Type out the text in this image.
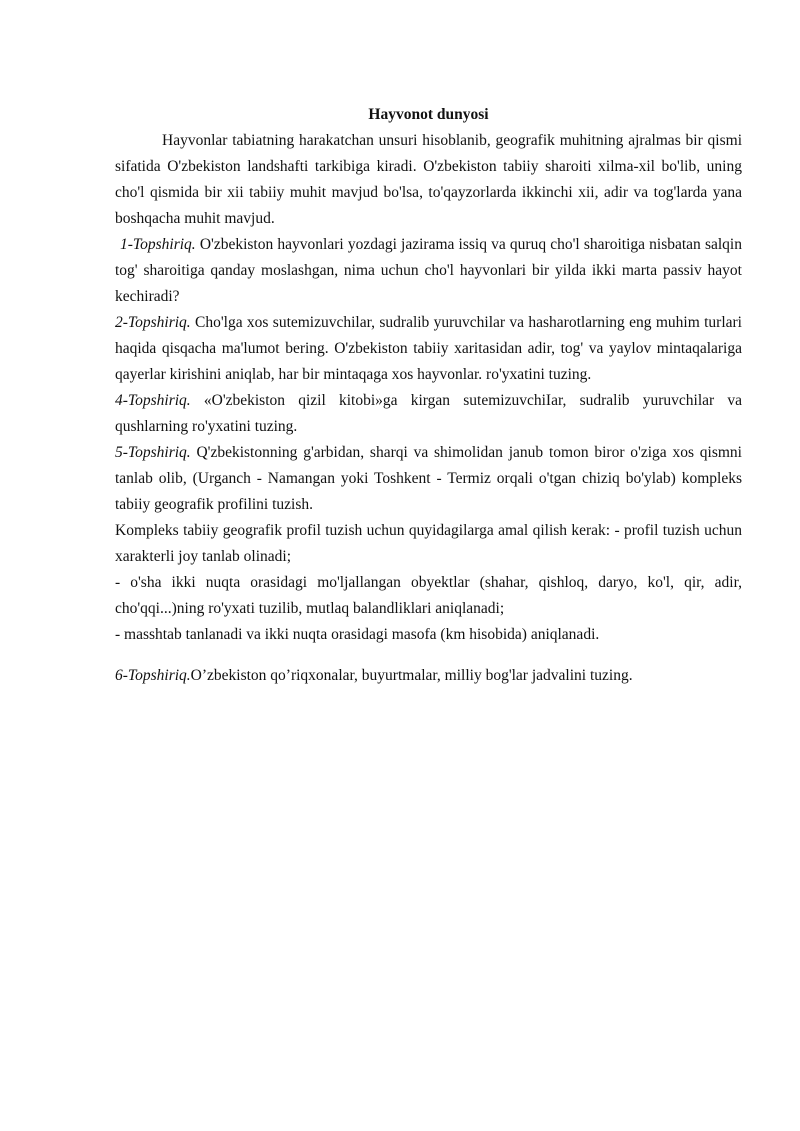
Hayvonot dunyosi

Hayvonlar tabiatning harakatchan unsuri hisoblanib, geografik muhitning ajralmas bir qismi sifatida O'zbekiston landshafti tarkibiga kiradi. O'zbekiston tabiiy sharoiti xilma-xil bo'lib, uning cho'l qismida bir xii tabiiy muhit mavjud bo'lsa, to'qayzorlarda ikkinchi xii, adir va tog'larda yana boshqacha muhit mavjud.

1-Topshiriq. O'zbekiston hayvonlari yozdagi jazirama issiq va quruq cho'l sharoitiga nisbatan salqin tog' sharoitiga qanday moslashgan, nima uchun cho'l hayvonlari bir yilda ikki marta passiv hayot kechiradi?

2-Topshiriq. Cho'lga xos sutemizuvchilar, sudralib yuruvchilar va hasharotlarning eng muhim turlari haqida qisqacha ma'lumot bering. O'zbekiston tabiiy xaritasidan adir, tog' va yaylov mintaqalariga qayerlar kirishini aniqlab, har bir mintaqaga xos hayvonlar. ro'yxatini tuzing.

4-Topshiriq. «O'zbekiston qizil kitobi»ga kirgan sutemizuvchiIar, sudralib yuruvchilar va qushlarning ro'yxatini tuzing.

5-Topshiriq. Q'zbekistonning g'arbidan, sharqi va shimolidan janub tomon biror o'ziga xos qismni tanlab olib, (Urganch - Namangan yoki Toshkent - Termiz orqali o'tgan chiziq bo'ylab) kompleks tabiiy geografik profilini tuzish.

Kompleks tabiiy geografik profil tuzish uchun quyidagilarga amal qilish kerak: - profil tuzish uchun xarakterli joy tanlab olinadi;

- o'sha ikki nuqta orasidagi mo'ljallangan obyektlar (shahar, qishloq, daryo, ko'l, qir, adir, cho'qqi...)ning ro'yxati tuzilib, mutlaq balandliklari aniqlanadi;

- masshtab tanlanadi va ikki nuqta orasidagi masofa (km hisobida) aniqlanadi.

6-Topshiriq.O’zbekiston qo’riqxonalar, buyurtmalar, milliy bog'lar jadvalini tuzing.
